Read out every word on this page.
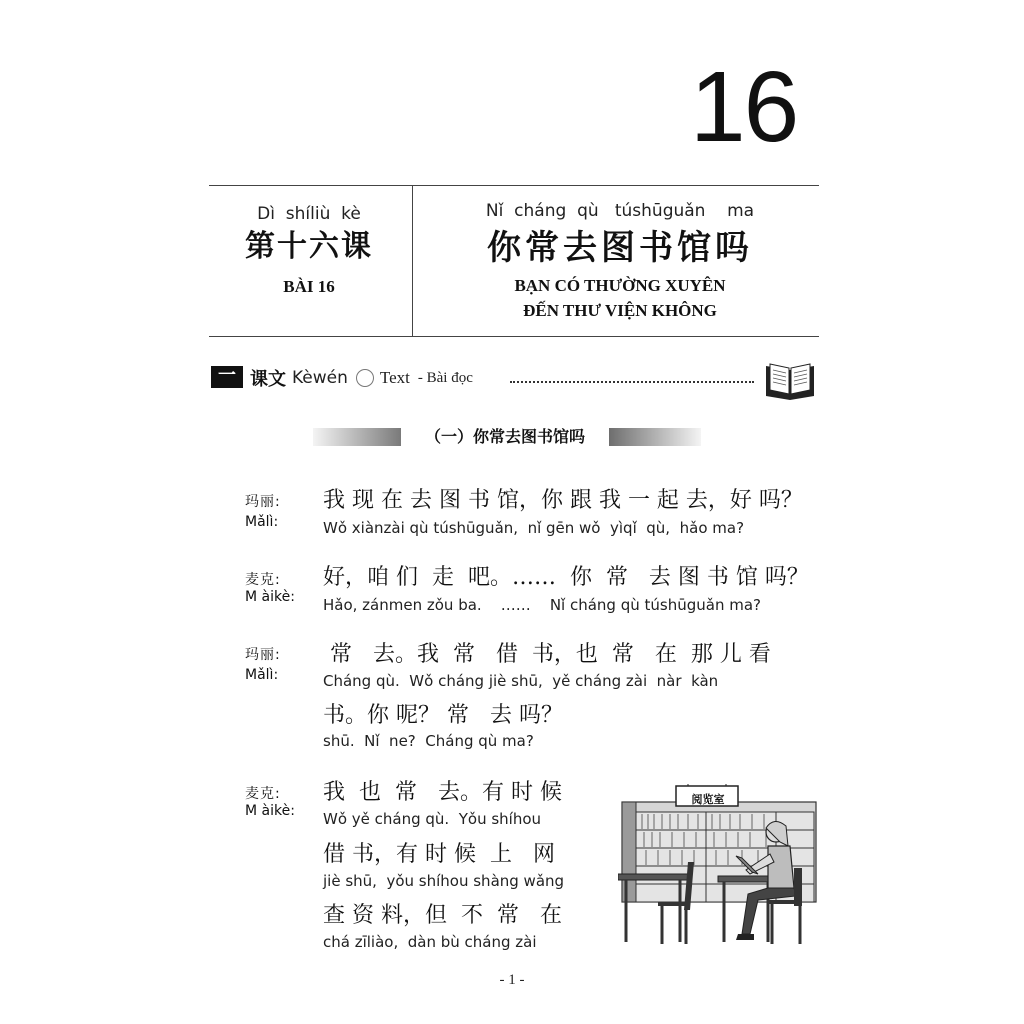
16
Dì  shíliù  kè
第十六课
BÀI 16
Nǐ  cháng  qù   túshūguǎn    ma
你常去图书馆吗
BẠN CÓ THƯỜNG XUYÊN
ĐẾN THƯ VIỆN KHÔNG
一 课文 Kèwén Text - Bài đọc
（一）你常去图书馆吗
玛丽:
Mǎlì:
我 现 在 去 图 书 馆，你 跟 我 一 起 去，好 吗？
Wǒ xiànzài qù túshūguǎn,  nǐ gēn wǒ  yìqǐ  qù,  hǎo ma?
麦克:
M àikè:
好，咱 们  走  吧。……  你  常   去 图 书 馆 吗？
Hǎo, zánmen zǒu ba.    ……    Nǐ cháng qù túshūguǎn ma?
玛丽:
Mǎlì:
常   去。我  常   借  书，也  常   在  那 儿 看
Cháng qù.  Wǒ cháng jiè shū,  yě cháng zài  nàr  kàn
书。你 呢？ 常   去 吗？
shū.  Nǐ  ne?  Cháng qù ma?
麦克:
M àikè:
我  也  常   去。有 时 候
Wǒ yě cháng qù.  Yǒu shíhou
借 书，有 时 候  上   网
jiè shū,  yǒu shíhou shàng wǎng
查 资 料，但  不  常   在
chá zīliào,  dàn bù cháng zài
阅览室
- 1 -
